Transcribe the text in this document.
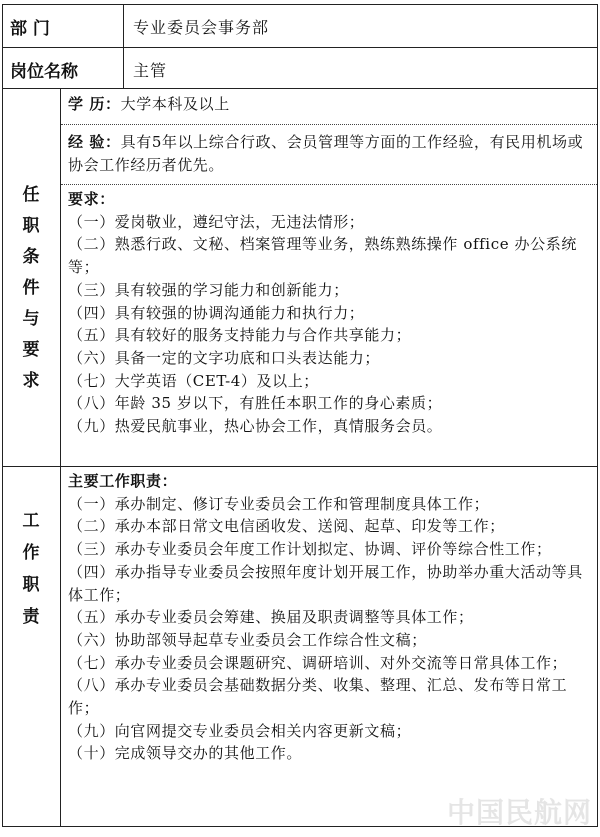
部 门	专业委员会事务部
岗位名称	主管
任
职
条
件
与
要
求
学 历：大学本科及以上
经 验：具有5年以上综合行政、会员管理等方面的工作经验，有民用机场或协会工作经历者优先。
要求：
（一）爱岗敬业，遵纪守法，无违法情形；
（二）熟悉行政、文秘、档案管理等业务，熟练熟练操作 office 办公系统等；
（三）具有较强的学习能力和创新能力；
（四）具有较强的协调沟通能力和执行力；
（五）具有较好的服务支持能力与合作共享能力；
（六）具备一定的文字功底和口头表达能力；
（七）大学英语（CET-4）及以上；
（八）年龄 35 岁以下，有胜任本职工作的身心素质；
（九）热爱民航事业，热心协会工作，真情服务会员。
工
作
职
责
主要工作职责：
（一）承办制定、修订专业委员会工作和管理制度具体工作；
（二）承办本部日常文电信函收发、送阅、起草、印发等工作；
（三）承办专业委员会年度工作计划拟定、协调、评价等综合性工作；
（四）承办指导专业委员会按照年度计划开展工作，协助举办重大活动等具体工作；
（五）承办专业委员会筹建、换届及职责调整等具体工作；
（六）协助部领导起草专业委员会工作综合性文稿；
（七）承办专业委员会课题研究、调研培训、对外交流等日常具体工作；
（八）承办专业委员会基础数据分类、收集、整理、汇总、发布等日常工作；
（九）向官网提交专业委员会相关内容更新文稿；
（十）完成领导交办的其他工作。
中国民航网
